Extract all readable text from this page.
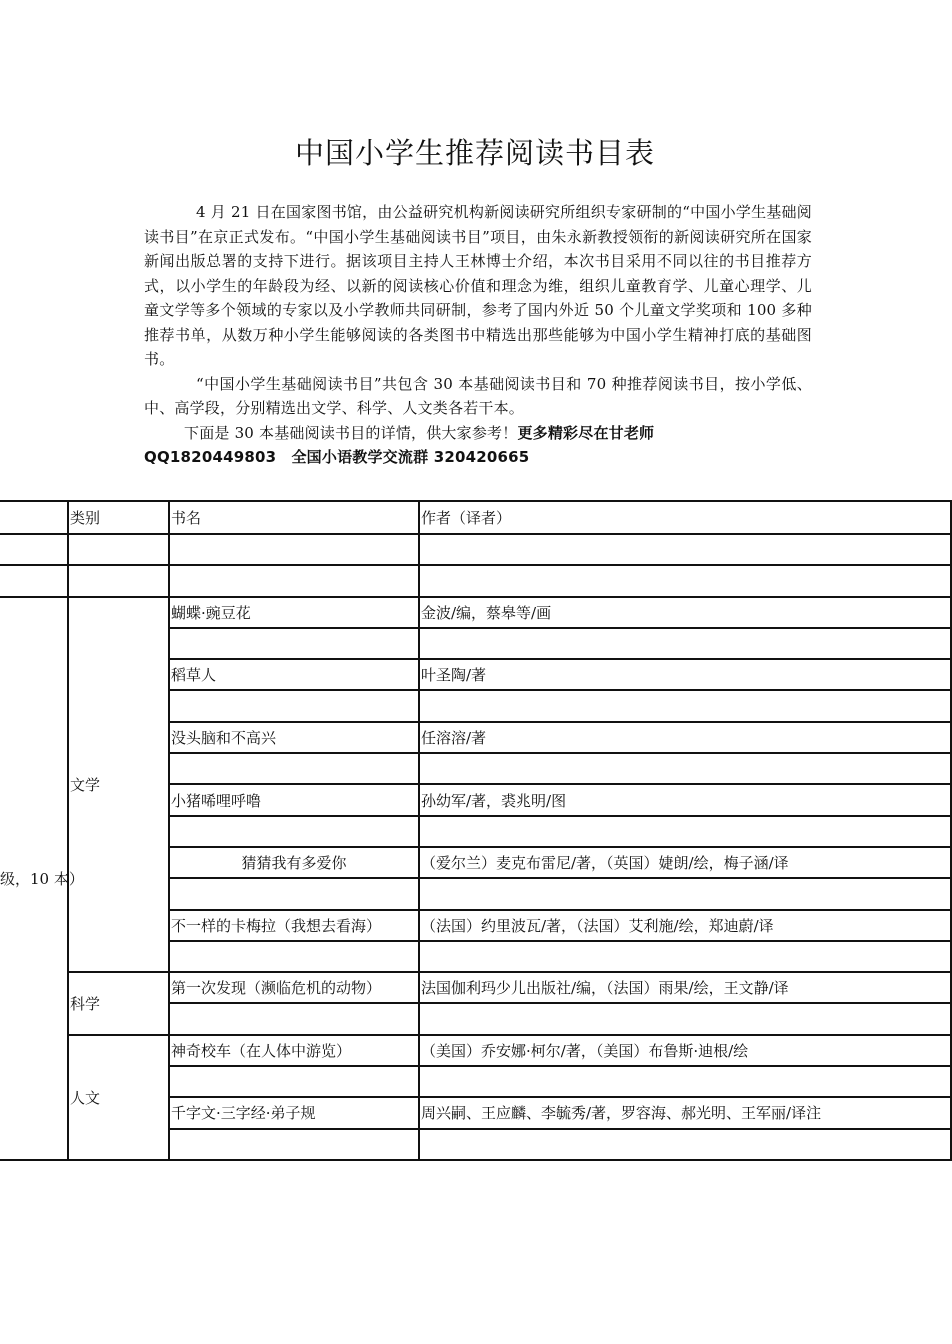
中国小学生推荐阅读书目表

4 月 21 日在国家图书馆，由公益研究机构新阅读研究所组织专家研制的“中国小学生基础阅读书目”在京正式发布。“中国小学生基础阅读书目”项目，由朱永新教授领衔的新阅读研究所在国家新闻出版总署的支持下进行。据该项目主持人王林博士介绍，本次书目采用不同以往的书目推荐方式，以小学生的年龄段为经、以新的阅读核心价值和理念为维，组织儿童教育学、儿童心理学、儿童文学等多个领域的专家以及小学教师共同研制，参考了国内外近 50 个儿童文学奖项和 100 多种推荐书单，从数万种小学生能够阅读的各类图书中精选出那些能够为中国小学生精神打底的基础图书。

“中国小学生基础阅读书目”共包含 30 本基础阅读书目和 70 种推荐阅读书目，按小学低、中、高学段，分别精选出文学、科学、人文类各若干本。

下面是 30 本基础阅读书目的详情，供大家参考！更多精彩尽在甘老师

QQ1820449803　全国小语教学交流群 320420665

	类别	书名	作者（译者）

级，10 本）	文学	蝴蝶·豌豆花	金波/编，蔡皋等/画

		稻草人	叶圣陶/著

		没头脑和不高兴	任溶溶/著

		小猪唏哩呼噜	孙幼军/著，裘兆明/图

		猜猜我有多爱你	（爱尔兰）麦克布雷尼/著，（英国）婕朗/绘，梅子涵/译

		不一样的卡梅拉（我想去看海）	（法国）约里波瓦/著，（法国）艾利施/绘，郑迪蔚/译

	科学	第一次发现（濒临危机的动物）	法国伽利玛少儿出版社/编，（法国）雨果/绘，王文静/译

	人文	神奇校车（在人体中游览）	（美国）乔安娜·柯尔/著，（美国）布鲁斯·迪根/绘

		千字文·三字经·弟子规	周兴嗣、王应麟、李毓秀/著，罗容海、郝光明、王军丽/译注
